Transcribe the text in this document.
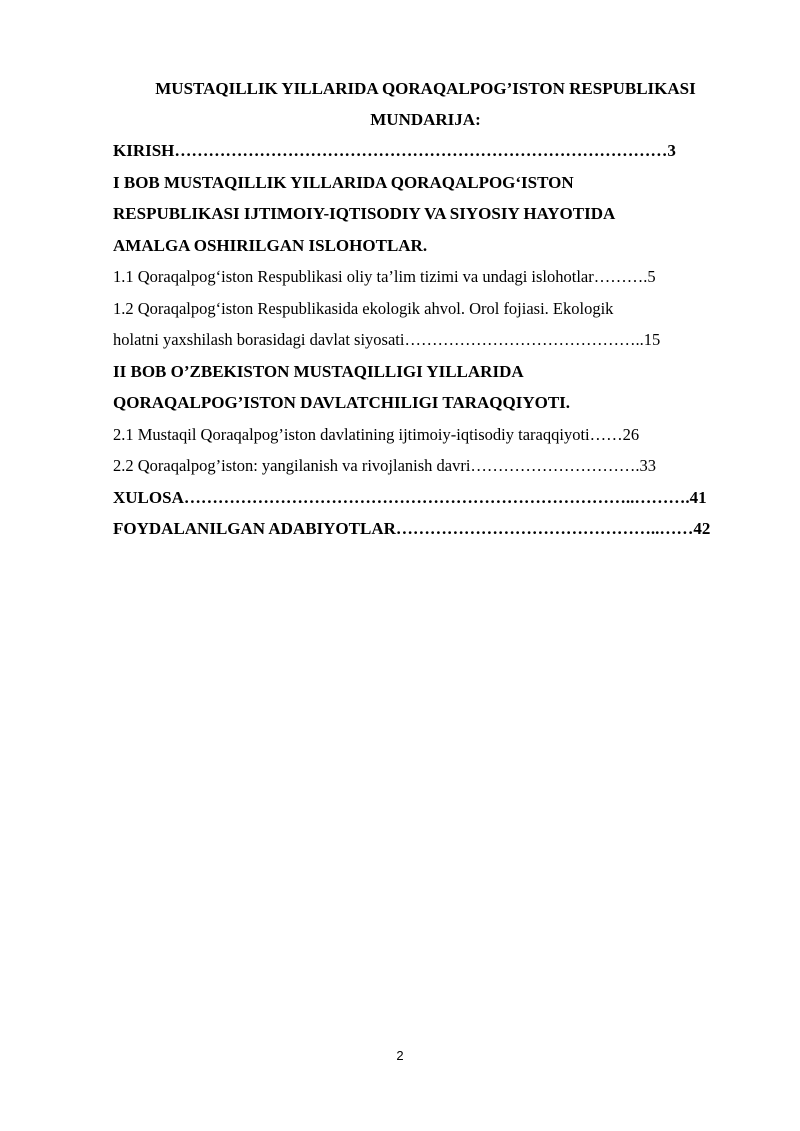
MUSTAQILLIK YILLARIDA QORAQALPOG’ISTON RESPUBLIKASI

MUNDARIJA:

KIRISH……………………………………………………………………………3

I BOB MUSTAQILLIK YILLARIDA QORAQALPOG‘ISTON

RESPUBLIKASI IJTIMOIY-IQTISODIY VA SIYOSIY HAYOTIDA

AMALGA OSHIRILGAN ISLOHOTLAR.

1.1 Qoraqalpog‘iston Respublikasi oliy ta’lim tizimi va undagi islohotlar……….5

1.2 Qoraqalpog‘iston Respublikasida ekologik ahvol. Orol fojiasi. Ekologik

holatni yaxshilash borasidagi davlat siyosati……………………………………..15

II BOB O’ZBEKISTON MUSTAQILLIGI YILLARIDA

QORAQALPOG’ISTON DAVLATCHILIGI TARAQQIYOTI.

2.1 Mustaqil Qoraqalpog’iston davlatining ijtimoiy-iqtisodiy taraqqiyoti……26

2.2 Qoraqalpog’iston: yangilanish va rivojlanish davri………………………….33

XULOSA……………………………………………………………………..……….41

FOYDALANILGAN ADABIYOTLAR………………………………………..……42

2
